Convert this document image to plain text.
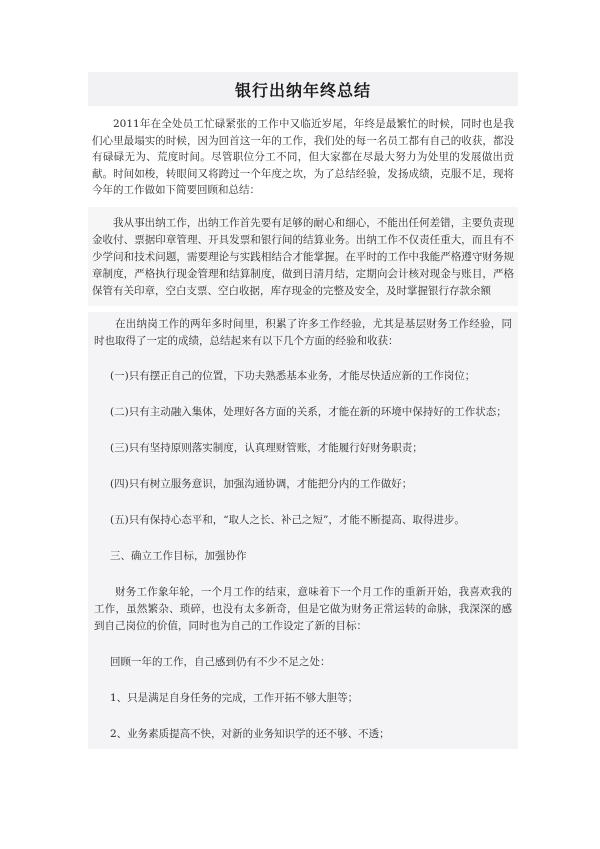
银行出纳年终总结
2011年在全处员工忙碌紧张的工作中又临近岁尾，年终是最繁忙的时候，同时也是我们心里最塌实的时候，因为回首这一年的工作，我们处的每一名员工都有自己的收获，都没有碌碌无为、荒度时间。尽管职位分工不同，但大家都在尽最大努力为处里的发展做出贡献。时间如梭，转眼间又将跨过一个年度之坎，为了总结经验，发扬成绩，克服不足，现将今年的工作做如下简要回顾和总结：
我从事出纳工作，出纳工作首先要有足够的耐心和细心，不能出任何差错，主要负责现金收付、票据印章管理、开具发票和银行间的结算业务。出纳工作不仅责任重大，而且有不少学问和技术问题，需要理论与实践相结合才能掌握。在平时的工作中我能严格遵守财务规章制度，严格执行现金管理和结算制度，做到日清月结，定期向会计核对现金与账目，严格保管有关印章，空白支票、空白收据，库存现金的完整及安全，及时掌握银行存款余额
在出纳岗工作的两年多时间里，积累了许多工作经验，尤其是基层财务工作经验，同时也取得了一定的成绩，总结起来有以下几个方面的经验和收获：
(一)只有摆正自己的位置，下功夫熟悉基本业务，才能尽快适应新的工作岗位；
(二)只有主动融入集体，处理好各方面的关系，才能在新的环境中保持好的工作状态；
(三)只有坚持原则落实制度，认真理财管账，才能履行好财务职责；
(四)只有树立服务意识，加强沟通协调，才能把分内的工作做好；
(五)只有保持心态平和，“取人之长、补己之短”，才能不断提高、取得进步。
三、确立工作目标，加强协作
财务工作象年轮，一个月工作的结束，意味着下一个月工作的重新开始，我喜欢我的工作，虽然繁杂、琐碎，也没有太多新奇，但是它做为财务正常运转的命脉，我深深的感到自己岗位的价值，同时也为自己的工作设定了新的目标：
回顾一年的工作，自己感到仍有不少不足之处：
1、只是满足自身任务的完成，工作开拓不够大胆等；
2、业务素质提高不快，对新的业务知识学的还不够、不透；
